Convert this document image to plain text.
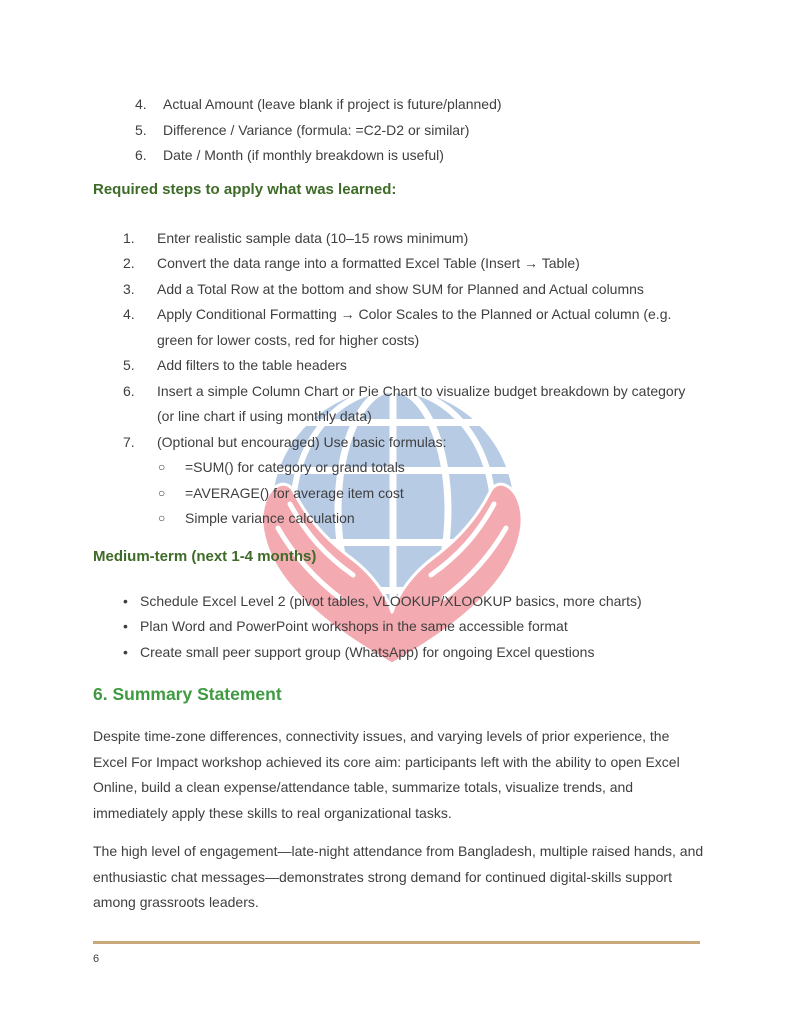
4.	Actual Amount (leave blank if project is future/planned)
5.	Difference / Variance (formula: =C2-D2 or similar)
6.	Date / Month (if monthly breakdown is useful)
Required steps to apply what was learned:
1.	Enter realistic sample data (10–15 rows minimum)
2.	Convert the data range into a formatted Excel Table (Insert → Table)
3.	Add a Total Row at the bottom and show SUM for Planned and Actual columns
4.	Apply Conditional Formatting → Color Scales to the Planned or Actual column (e.g. green for lower costs, red for higher costs)
5.	Add filters to the table headers
6.	Insert a simple Column Chart or Pie Chart to visualize budget breakdown by category (or line chart if using monthly data)
7.	(Optional but encouraged) Use basic formulas:
○	=SUM() for category or grand totals
○	=AVERAGE() for average item cost
○	Simple variance calculation
Medium-term (next 1-4 months)
• Schedule Excel Level 2 (pivot tables, VLOOKUP/XLOOKUP basics, more charts)
• Plan Word and PowerPoint workshops in the same accessible format
• Create small peer support group (WhatsApp) for ongoing Excel questions
6. Summary Statement

Despite time-zone differences, connectivity issues, and varying levels of prior experience, the Excel For Impact workshop achieved its core aim: participants left with the ability to open Excel Online, build a clean expense/attendance table, summarize totals, visualize trends, and immediately apply these skills to real organizational tasks.

The high level of engagement—late-night attendance from Bangladesh, multiple raised hands, and enthusiastic chat messages—demonstrates strong demand for continued digital-skills support among grassroots leaders.

6
